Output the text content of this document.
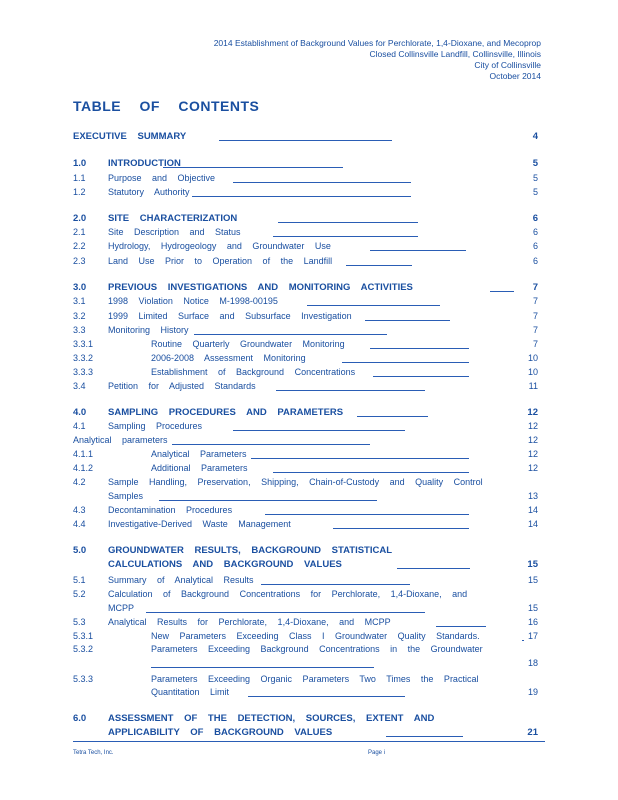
2014 Establishment of Background Values for Perchlorate, 1,4-Dioxane, and Mecoprop
Closed Collinsville Landfill, Collinsville, Illinois
City of Collinsville
October 2014
TABLE OF CONTENTS
EXECUTIVE SUMMARY	4
1.0 INTRODUCTION	5
1.1 Purpose and Objective	5
1.2 Statutory Authority	5
2.0 SITE CHARACTERIZATION	6
2.1 Site Description and Status	6
2.2 Hydrology, Hydrogeology and Groundwater Use	6
2.3 Land Use Prior to Operation of the Landfill	6
3.0 PREVIOUS INVESTIGATIONS AND MONITORING ACTIVITIES	7
3.1 1998 Violation Notice M-1998-00195	7
3.2 1999 Limited Surface and Subsurface Investigation	7
3.3 Monitoring History	7
3.3.1	Routine Quarterly Groundwater Monitoring	7
3.3.2	2006-2008 Assessment Monitoring	10
3.3.3	Establishment of Background Concentrations	10
3.4 Petition for Adjusted Standards	11
4.0 SAMPLING PROCEDURES AND PARAMETERS	12
4.1 Sampling Procedures	12
Analytical parameters	12
4.1.1	Analytical Parameters	12
4.1.2	Additional Parameters	12
4.2 Sample Handling, Preservation, Shipping, Chain-of-Custody and Quality Control
Samples	13
4.3 Decontamination Procedures	14
4.4 Investigative-Derived Waste Management	14
5.0 GROUNDWATER RESULTS, BACKGROUND STATISTICAL
CALCULATIONS AND BACKGROUND VALUES	15
5.1 Summary of Analytical Results	15
5.2 Calculation of Background Concentrations for Perchlorate, 1,4-Dioxane, and
MCPP	15
5.3 Analytical Results for Perchlorate, 1,4-Dioxane, and MCPP	16
5.3.1	New Parameters Exceeding Class I Groundwater Quality Standards.	17
5.3.2	Parameters Exceeding Background Concentrations in the Groundwater
18
5.3.3	Parameters Exceeding Organic Parameters Two Times the Practical
Quantitation Limit	19
6.0 ASSESSMENT OF THE DETECTION, SOURCES, EXTENT AND
APPLICABILITY OF BACKGROUND VALUES	21
Tetra Tech, Inc.	Page i
